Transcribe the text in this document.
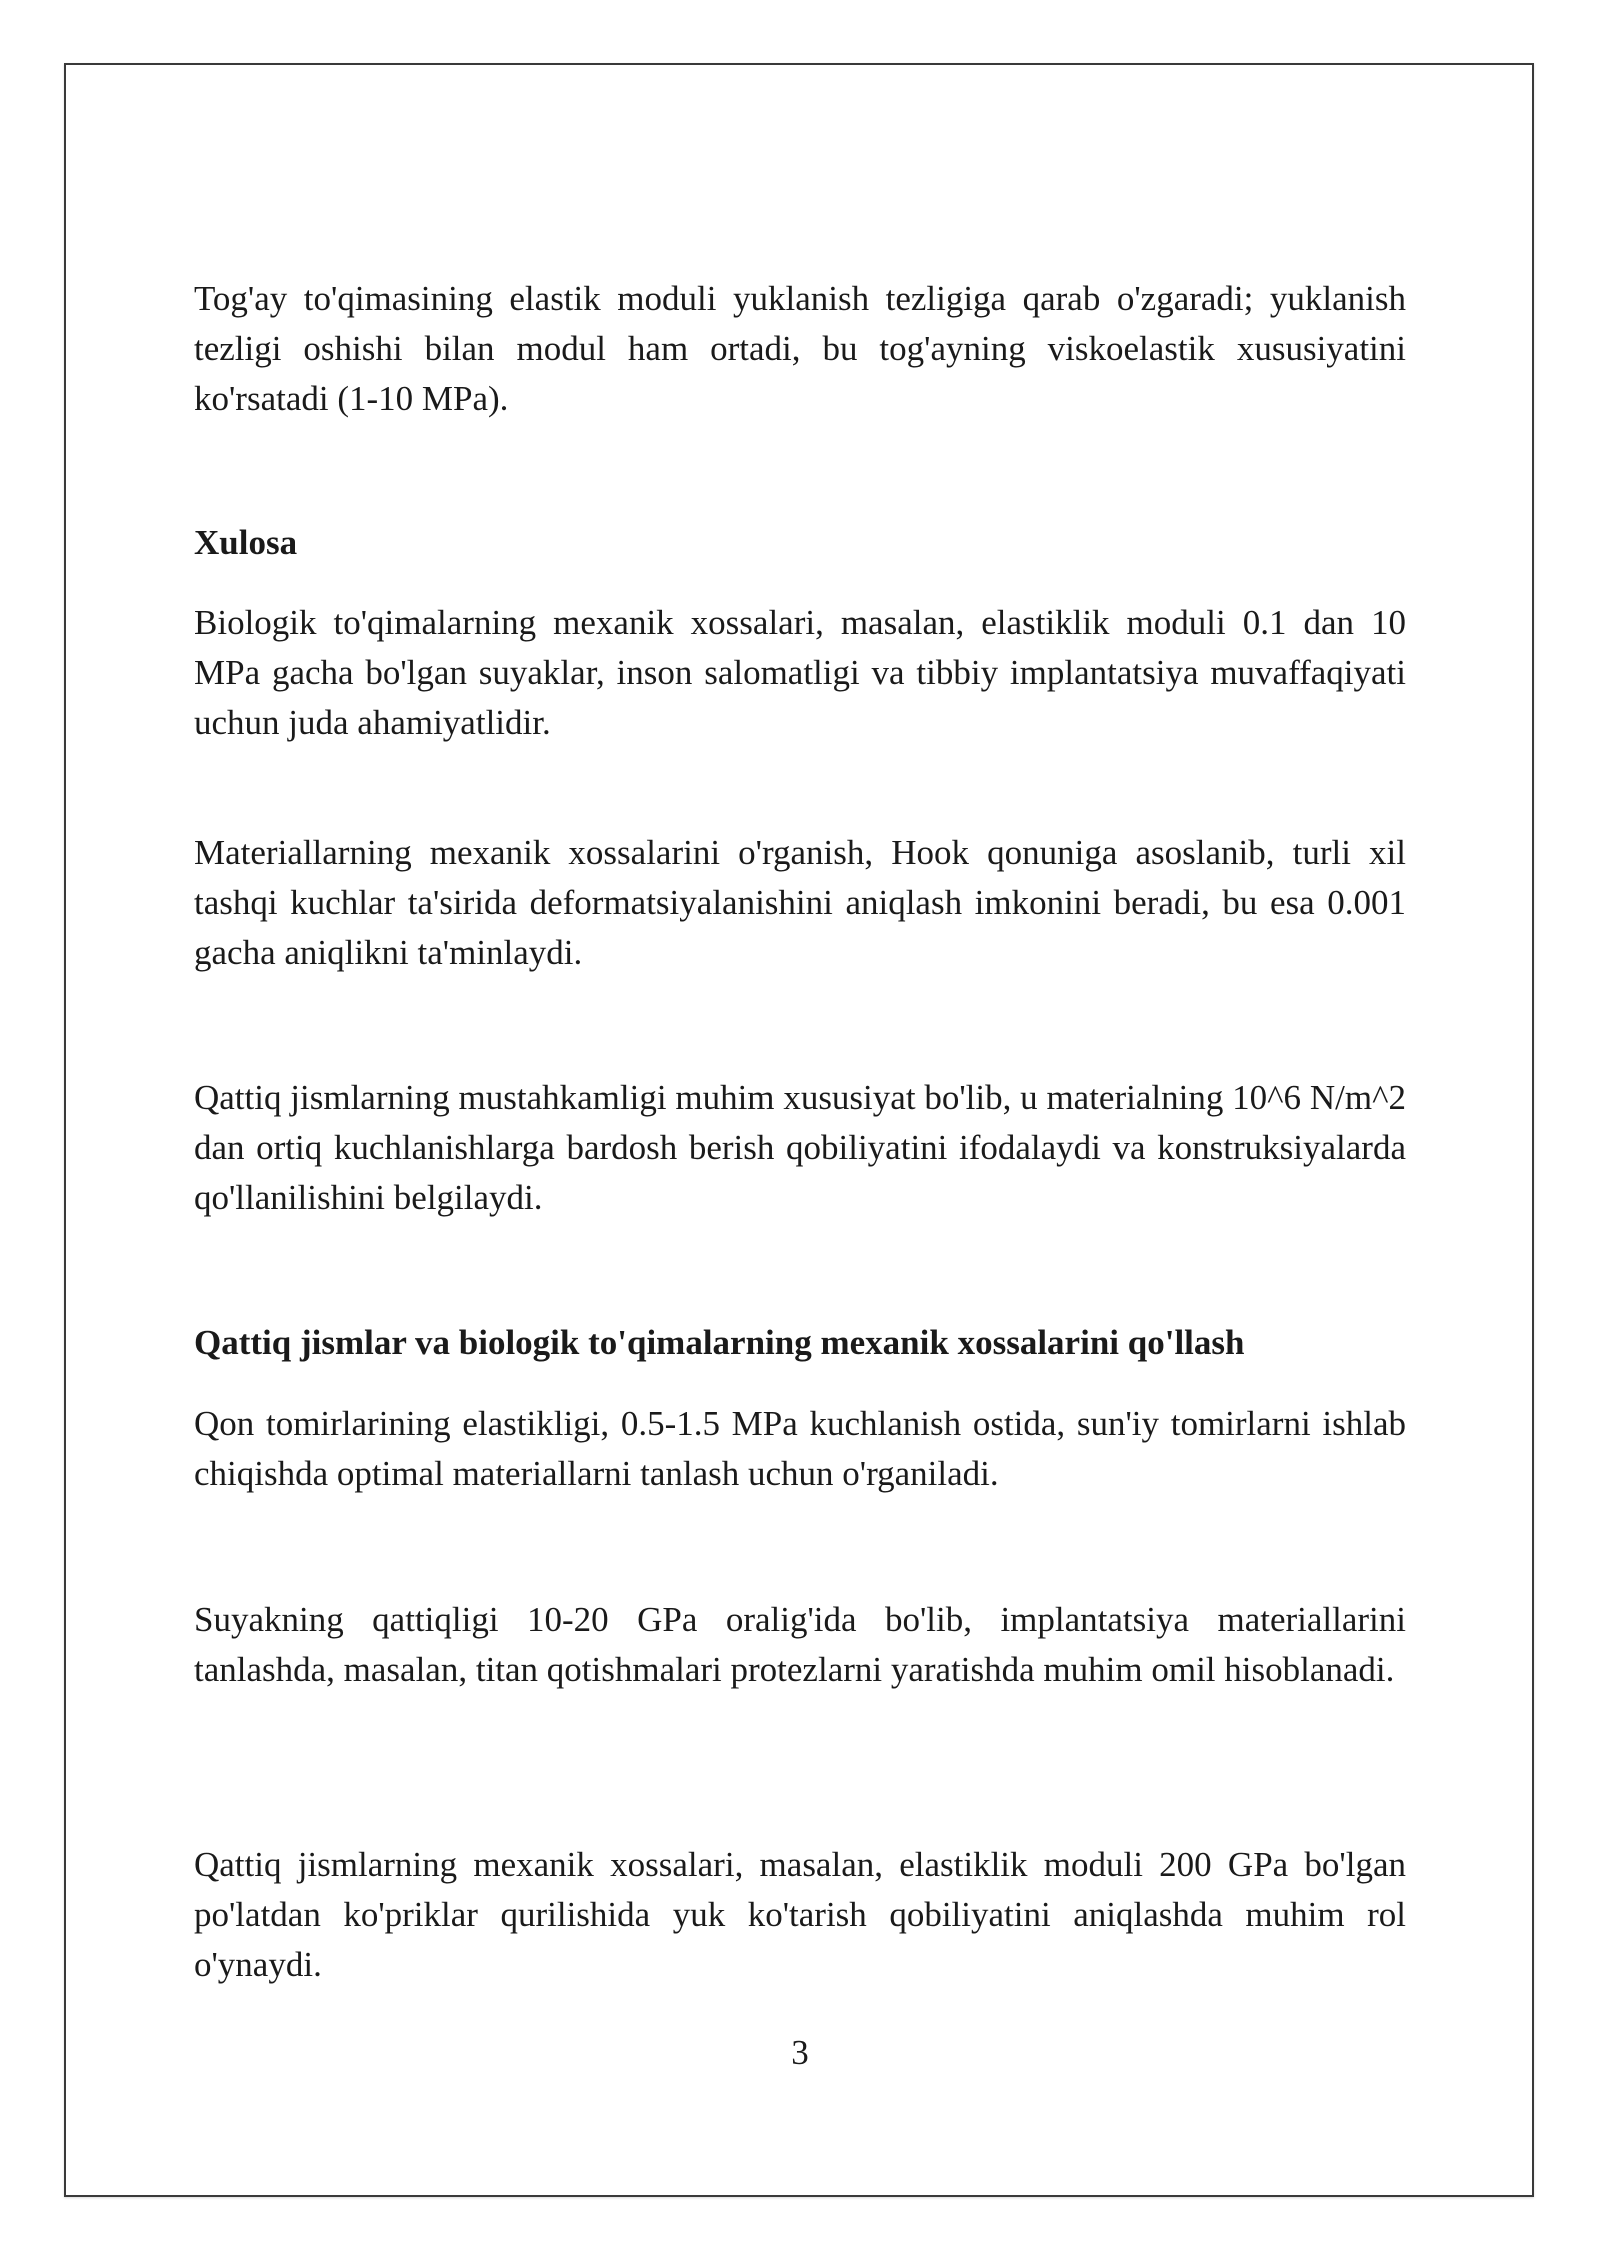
Tog'ay to'qimasining elastik moduli yuklanish tezligiga qarab o'zgaradi; yuklanish tezligi oshishi bilan modul ham ortadi, bu tog'ayning viskoelastik xususiyatini ko'rsatadi (1-10 MPa).

Xulosa

Biologik to'qimalarning mexanik xossalari, masalan, elastiklik moduli 0.1 dan 10 MPa gacha bo'lgan suyaklar, inson salomatligi va tibbiy implantatsiya muvaffaqiyati uchun juda ahamiyatlidir.

Materiallarning mexanik xossalarini o'rganish, Hook qonuniga asoslanib, turli xil tashqi kuchlar ta'sirida deformatsiyalanishini aniqlash imkonini beradi, bu esa 0.001 gacha aniqlikni ta'minlaydi.

Qattiq jismlarning mustahkamligi muhim xususiyat bo'lib, u materialning 10^6 N/m^2 dan ortiq kuchlanishlarga bardosh berish qobiliyatini ifodalaydi va konstruksiyalarda qo'llanilishini belgilaydi.

Qattiq jismlar va biologik to'qimalarning mexanik xossalarini qo'llash

Qon tomirlarining elastikligi, 0.5-1.5 MPa kuchlanish ostida, sun'iy tomirlarni ishlab chiqishda optimal materiallarni tanlash uchun o'rganiladi.

Suyakning qattiqligi 10-20 GPa oralig'ida bo'lib, implantatsiya materiallarini tanlashda, masalan, titan qotishmalari protezlarni yaratishda muhim omil hisoblanadi.

Qattiq jismlarning mexanik xossalari, masalan, elastiklik moduli 200 GPa bo'lgan po'latdan ko'priklar qurilishida yuk ko'tarish qobiliyatini aniqlashda muhim rol o'ynaydi.

3
